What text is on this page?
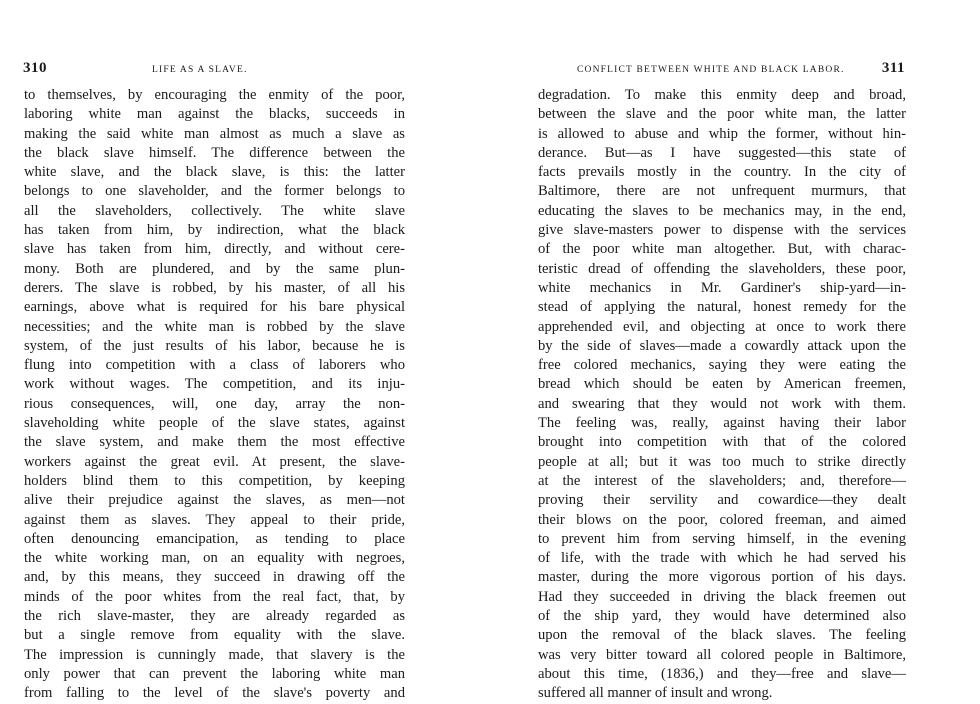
310	LIFE AS A SLAVE.
to themselves, by encouraging the enmity of the poor,
laboring white man against the blacks, succeeds in
making the said white man almost as much a slave as
the black slave himself. The difference between the
white slave, and the black slave, is this: the latter
belongs to one slaveholder, and the former belongs to
all the slaveholders, collectively. The white slave
has taken from him, by indirection, what the black
slave has taken from him, directly, and without cere-
mony. Both are plundered, and by the same plun-
derers. The slave is robbed, by his master, of all his
earnings, above what is required for his bare physical
necessities; and the white man is robbed by the slave
system, of the just results of his labor, because he is
flung into competition with a class of laborers who
work without wages. The competition, and its inju-
rious consequences, will, one day, array the non-
slaveholding white people of the slave states, against
the slave system, and make them the most effective
workers against the great evil. At present, the slave-
holders blind them to this competition, by keeping
alive their prejudice against the slaves, as men—not
against them as slaves. They appeal to their pride,
often denouncing emancipation, as tending to place
the white working man, on an equality with negroes,
and, by this means, they succeed in drawing off the
minds of the poor whites from the real fact, that, by
the rich slave-master, they are already regarded as
but a single remove from equality with the slave.
The impression is cunningly made, that slavery is the
only power that can prevent the laboring white man
from falling to the level of the slave's poverty and
CONFLICT BETWEEN WHITE AND BLACK LABOR. 311
degradation. To make this enmity deep and broad,
between the slave and the poor white man, the latter
is allowed to abuse and whip the former, without hin-
derance. But—as I have suggested—this state of
facts prevails mostly in the country. In the city of
Baltimore, there are not unfrequent murmurs, that
educating the slaves to be mechanics may, in the end,
give slave-masters power to dispense with the services
of the poor white man altogether. But, with charac-
teristic dread of offending the slaveholders, these poor,
white mechanics in Mr. Gardiner's ship-yard—in-
stead of applying the natural, honest remedy for the
apprehended evil, and objecting at once to work there
by the side of slaves—made a cowardly attack upon the
free colored mechanics, saying they were eating the
bread which should be eaten by American freemen,
and swearing that they would not work with them.
The feeling was, really, against having their labor
brought into competition with that of the colored
people at all; but it was too much to strike directly
at the interest of the slaveholders; and, therefore—
proving their servility and cowardice—they dealt
their blows on the poor, colored freeman, and aimed
to prevent him from serving himself, in the evening
of life, with the trade with which he had served his
master, during the more vigorous portion of his days.
Had they succeeded in driving the black freemen out
of the ship yard, they would have determined also
upon the removal of the black slaves. The feeling
was very bitter toward all colored people in Baltimore,
about this time, (1836,) and they—free and slave—
suffered all manner of insult and wrong.
